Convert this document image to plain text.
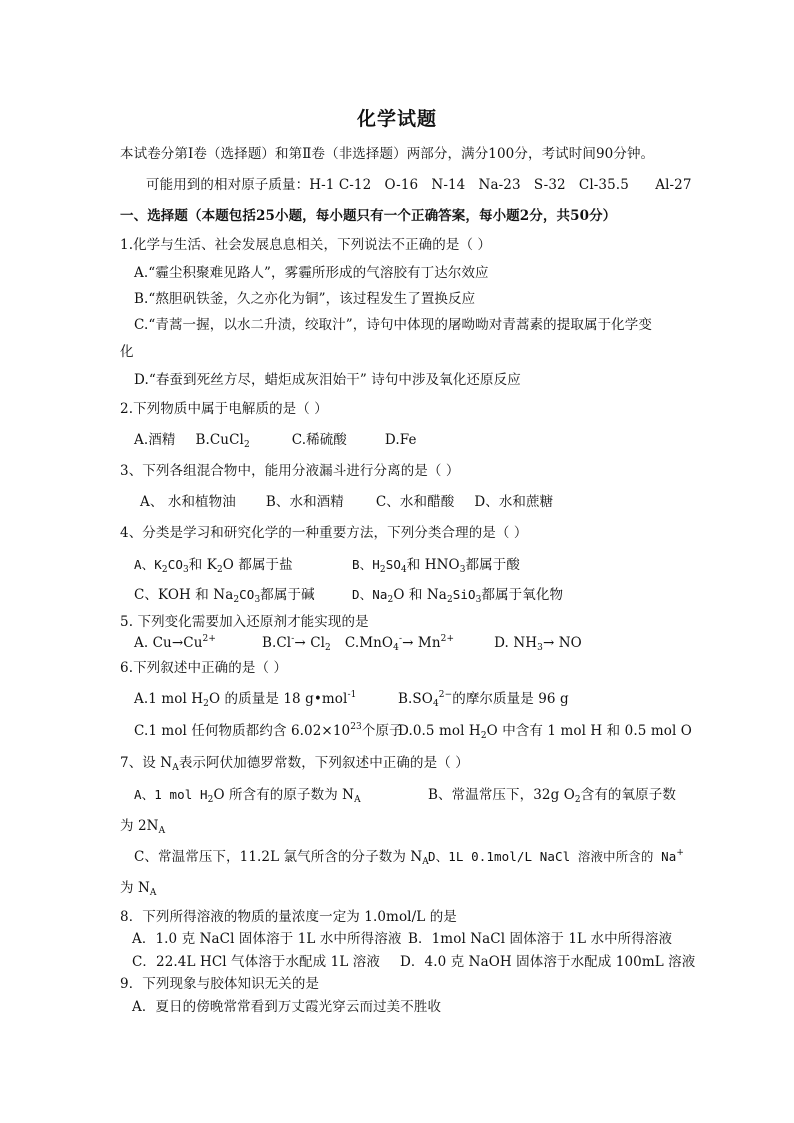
化学试题
本试卷分第Ⅰ卷（选择题）和第Ⅱ卷（非选择题）两部分，满分100分，考试时间90分钟。
可能用到的相对原子质量：H-1 C-12 O-16 N-14 Na-23 S-32 Cl-35.5 Al-27
一、选择题（本题包括25小题，每小题只有一个正确答案，每小题2分，共50分）
1.化学与生活、社会发展息息相关，下列说法不正确的是（ ）
A.“霾尘积聚难见路人”，雾霾所形成的气溶胶有丁达尔效应
B.“熬胆矾铁釜，久之亦化为铜”，该过程发生了置换反应
C.“青蒿一握，以水二升渍，绞取汁”，诗句中体现的屠呦呦对青蒿素的提取属于化学变
化
D.“春蚕到死丝方尽，蜡炬成灰泪始干” 诗句中涉及氧化还原反应
2.下列物质中属于电解质的是（ ）
A.酒精 B.CuCl$_2$	C.稀硫酸	D.Fe
3、下列各组混合物中，能用分液漏斗进行分离的是（ ）
A、 水和植物油 B、水和酒精 C、水和醋酸 D、水和蔗糖
4、分类是学习和研究化学的一种重要方法，下列分类合理的是（ ）
A、$K_2CO_3$和 $K_2O$ 都属于盐	B、$H_2SO_4$和 $HNO_3$都属于酸
C、KOH 和 $Na_2CO_3$都属于碱	D、$Na_2O$ 和 $Na_2SiO_3$都属于氧化物
5. 下列变化需要加入还原剂才能实现的是
A. $Cu\to Cu^{2+}$	$B.Cl^-\to Cl_2$ $C.MnO_4^-\to Mn^{2+}$	D. $NH_3\to$ NO
6.下列叙述中正确的是（ ）
A.1 mol $H_2O$ 的质量是 18 g•mol$^{-1}$	$B.SO_4^{2-}$的摩尔质量是 96 g
C.1 mol 任何物质都约含 $6.02\times 10^{23}$个原子
D.0.5 mol $H_2O$ 中含有 1 mol H 和 0.5 mol O
7、设 $N_A$表示阿伏加德罗常数，下列叙述中正确的是（ ）
A、1 mol $H_2O$ 所含有的原子数为 $N_A$	B、常温常压下，32g $O_2$含有的氧原子数
为 $2N_A$
C、常温常压下，11.2L 氯气所含的分子数为 $N_A$ D、1L 0.1mol/L NaCl 溶液中所含的 Na+
为 $N_A$
8．下列所得溶液的物质的量浓度一定为 1.0mol/L 的是
A．1.0 克 NaCl 固体溶于 1L 水中所得溶液 B．1mol NaCl 固体溶于 1L 水中所得溶液
C．22.4L HCl 气体溶于水配成 1L 溶液 D．4.0 克 NaOH 固体溶于水配成 100mL 溶液
9．下列现象与胶体知识无关的是
A．夏日的傍晚常常看到万丈霞光穿云而过美不胜收
